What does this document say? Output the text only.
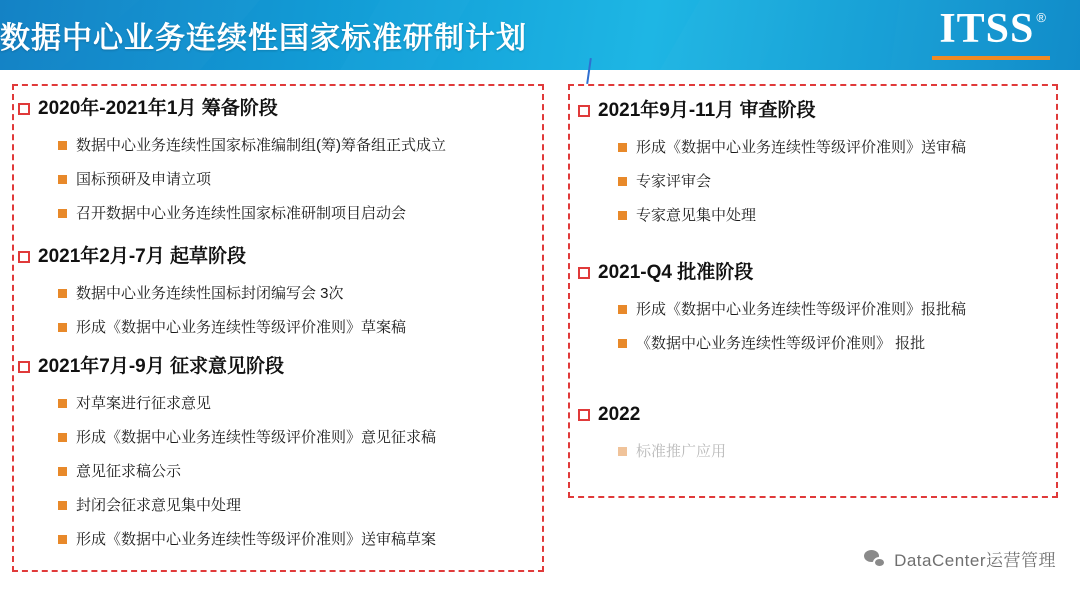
数据中心业务连续性国家标准研制计划	ITSS ®
2020年-2021年1月 筹备阶段
数据中心业务连续性国家标准编制组(筹)筹备组正式成立
国标预研及申请立项
召开数据中心业务连续性国家标准研制项目启动会
2021年2月-7月 起草阶段
数据中心业务连续性国标封闭编写会 3次
形成《数据中心业务连续性等级评价准则》草案稿
2021年7月-9月 征求意见阶段
对草案进行征求意见
形成《数据中心业务连续性等级评价准则》意见征求稿
意见征求稿公示
封闭会征求意见集中处理
形成《数据中心业务连续性等级评价准则》送审稿草案
2021年9月-11月 审查阶段
形成《数据中心业务连续性等级评价准则》送审稿
专家评审会
专家意见集中处理
2021-Q4 批准阶段
形成《数据中心业务连续性等级评价准则》报批稿
《数据中心业务连续性等级评价准则》 报批
2022
标准推广应用
DataCenter运营管理
